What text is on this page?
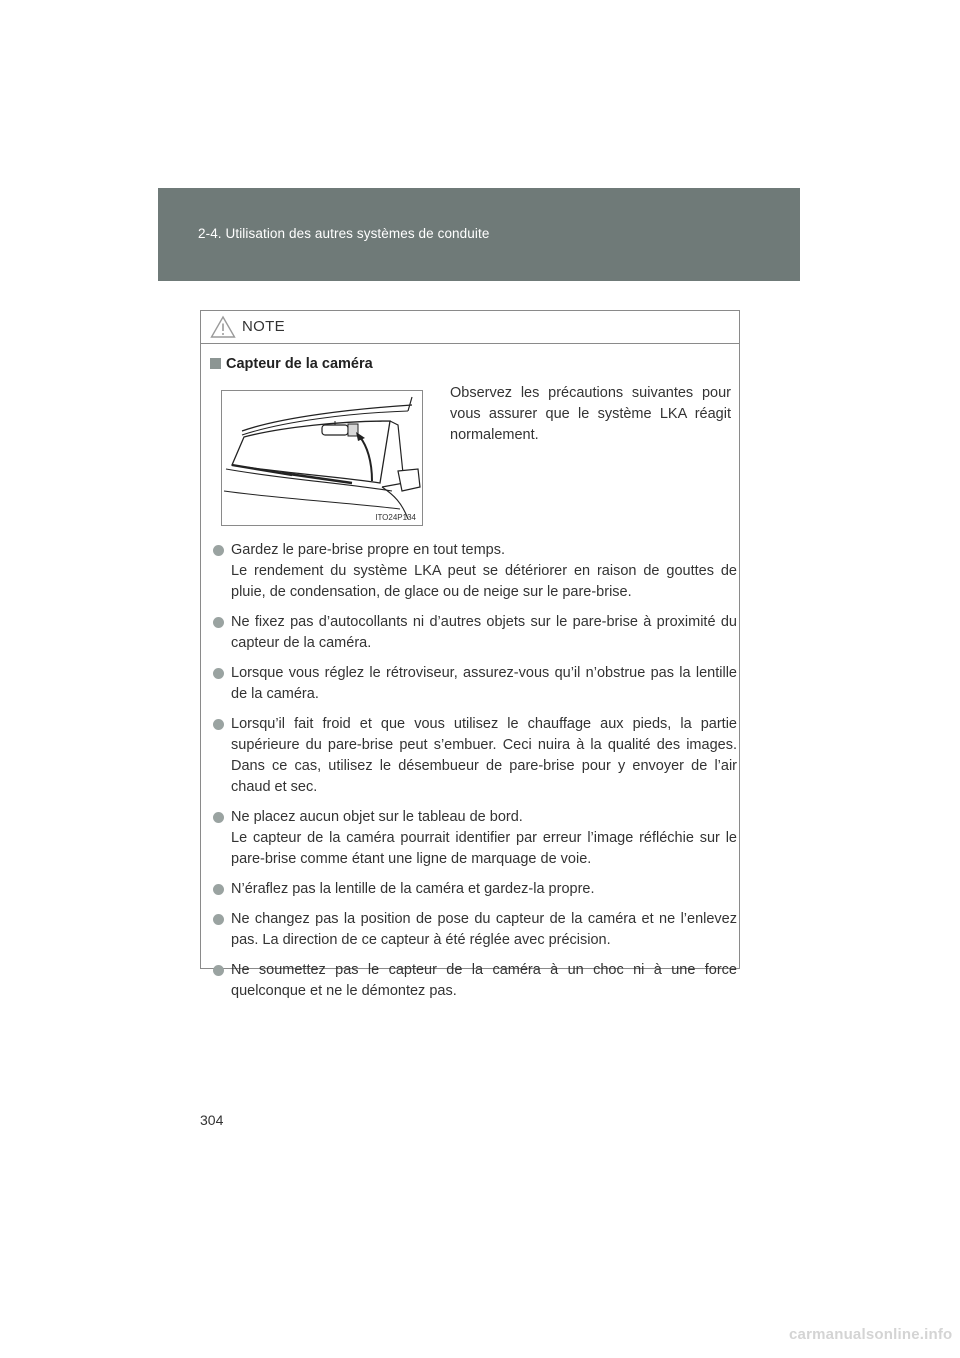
2-4. Utilisation des autres systèmes de conduite
NOTE
Capteur de la caméra
ITO24P134
Observez les précautions suivantes pour vous assurer que le système LKA réagit normalement.
Gardez le pare-brise propre en tout temps.
Le rendement du système LKA peut se détériorer en raison de gouttes de pluie, de condensation, de glace ou de neige sur le pare-brise.
Ne fixez pas d’autocollants ni d’autres objets sur le pare-brise à proximité du capteur de la caméra.
Lorsque vous réglez le rétroviseur, assurez-vous qu’il n’obstrue pas la lentille de la caméra.
Lorsqu’il fait froid et que vous utilisez le chauffage aux pieds, la partie supérieure du pare-brise peut s’embuer. Ceci nuira à la qualité des images. Dans ce cas, utilisez le désembueur de pare-brise pour y envoyer de l’air chaud et sec.
Ne placez aucun objet sur le tableau de bord.
Le capteur de la caméra pourrait identifier par erreur l’image réfléchie sur le pare-brise comme étant une ligne de marquage de voie.
N’éraflez pas la lentille de la caméra et gardez-la propre.
Ne changez pas la position de pose du capteur de la caméra et ne l’enlevez pas. La direction de ce capteur à été réglée avec précision.
Ne soumettez pas le capteur de la caméra à un choc ni à une force quelconque et ne le démontez pas.
304
carmanualsonline.info
